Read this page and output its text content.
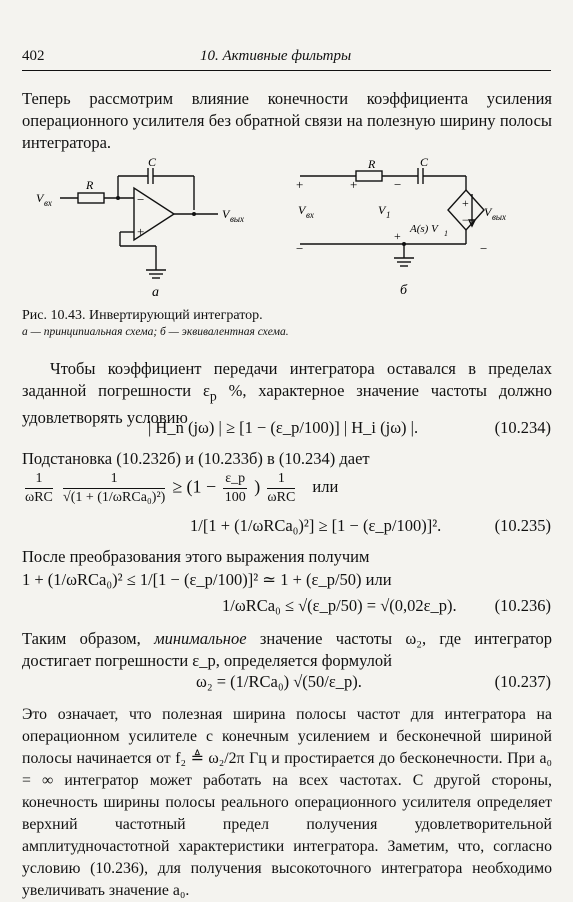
402	10. Активные фильтры
Теперь рассмотрим влияние конечности коэффициента усиления операционного усилителя без обратной связи на полезную ширину полосы интегратора.
C
R
V вх
V вых
−
+
а
R	C
+
−
+	−
+
−
+
−
V вх	V 1
A(s) V 1
V вых
б
Рис. 10.43. Инвертирующий интегратор.
а — принципиальная схема; б — эквивалентная схема.
Чтобы коэффициент передачи интегратора оставался в пределах заданной погрешности $\varepsilon_p$ %, характерное значение частоты должно удовлетворять условию
| H_n (jω) | ≥ [1 − (ε_p/100)] | H_i (jω) |.	(10.234)
Подстановка (10.232б) и (10.233б) в (10.234) дает
$\frac{1}{\text{ωRC}}$
$\frac{1}{\text{√(1 + (1/ωRCa₀)²)}} \ge (1 - \frac{\varepsilon\_p}{100}$ ) $\frac{1}{\text{ωRC}}$ или
1/[1 + (1/ωRCa₀)²] ≥ [1 − (ε_p/100)]².	(10.235)
После преобразования этого выражения получим
1 + (1/ωRCa₀)² ≤ 1/[1 − (ε_p/100)]² ≃ 1 + (ε_p/50) или
1/ωRCa₀ ≤ √(ε_p/50) = √(0,02ε_p). (10.236)
Таким образом, минимальное значение частоты ω₂, где интегратор достигает погрешности ε_p, определяется формулой
ω₂ = (1/RCa₀) √(50/ε_p).	(10.237)
Это означает, что полезная ширина полосы частот для интегратора на операционном усилителе с конечным усилением и бесконечной шириной полосы начинается от f₂ ≜ ω₂/2π Гц и простирается до бесконечности. При a₀ = ∞ интегратор может работать на всех частотах. С другой стороны, конечность ширины полосы реального операционного усилителя определяет верхний частотный предел получения удовлетворительной амплитудночастотной характеристики интегратора. Заметим, что, согласно условию (10.236), для получения высокоточного интегратора необходимо увеличивать значение a₀.
